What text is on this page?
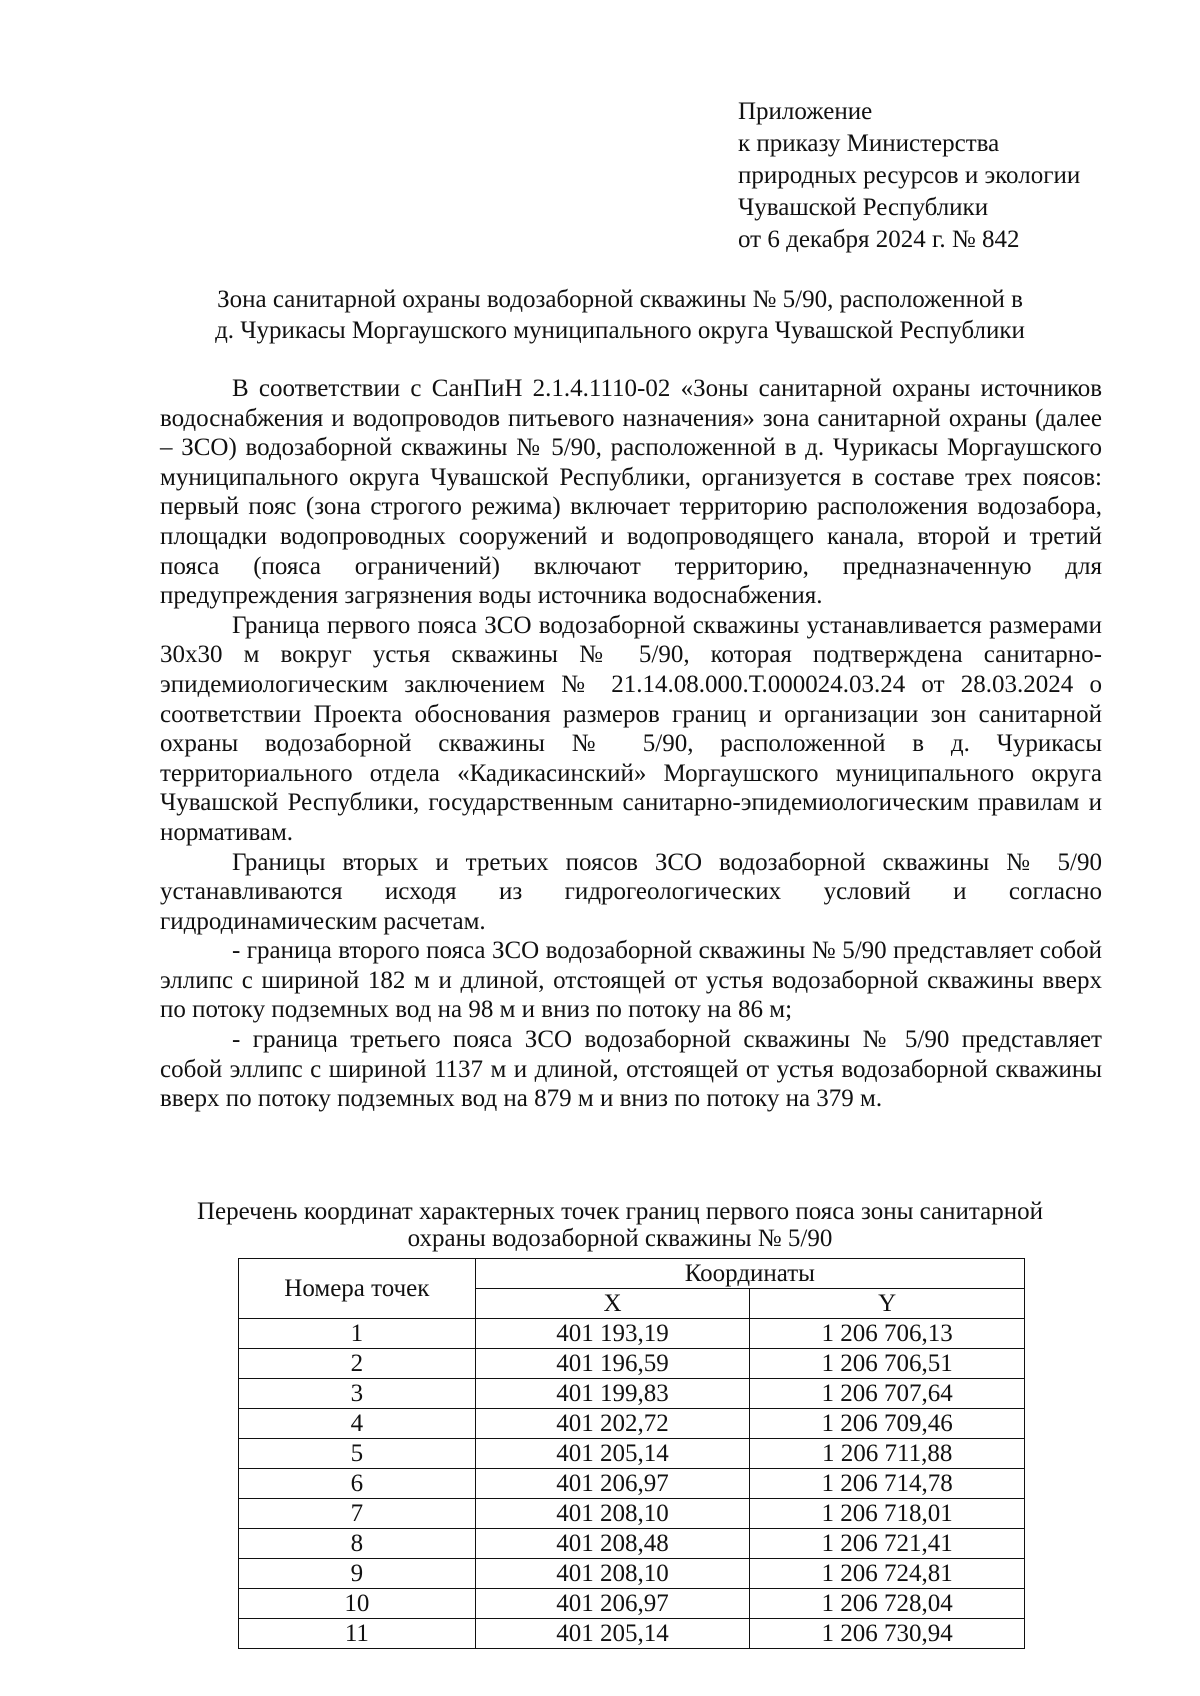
Приложение
к приказу Министерства
природных ресурсов и экологии
Чувашской Республики
от 6 декабря 2024 г. № 842
Зона санитарной охраны водозаборной скважины № 5/90, расположенной в
д. Чурикасы Моргаушского муниципального округа Чувашской Республики

В соответствии с СанПиН 2.1.4.1110-02 «Зоны санитарной охраны источников водоснабжения и водопроводов питьевого назначения» зона санитарной охраны (далее – ЗСО) водозаборной скважины № 5/90, расположенной в д. Чурикасы Моргаушского муниципального округа Чувашской Республики, организуется в составе трех поясов: первый пояс (зона строгого режима) включает территорию расположения водозабора, площадки водопроводных сооружений и водопроводящего канала, второй и третий пояса (пояса ограничений) включают территорию, предназначенную для предупреждения загрязнения воды источника водоснабжения.

Граница первого пояса ЗСО водозаборной скважины устанавливается размерами 30х30 м вокруг устья скважины № 5/90, которая подтверждена санитарно-эпидемиологическим заключением № 21.14.08.000.Т.000024.03.24 от 28.03.2024 о соответствии Проекта обоснования размеров границ и организации зон санитарной охраны водозаборной скважины № 5/90, расположенной в д. Чурикасы территориального отдела «Кадикасинский» Моргаушского муниципального округа Чувашской Республики, государственным санитарно-эпидемиологическим правилам и нормативам.

Границы вторых и третьих поясов ЗСО водозаборной скважины № 5/90 устанавливаются исходя из гидрогеологических условий и согласно гидродинамическим расчетам.

- граница второго пояса ЗСО водозаборной скважины № 5/90 представляет собой эллипс с шириной 182 м и длиной, отстоящей от устья водозаборной скважины вверх по потоку подземных вод на 98 м и вниз по потоку на 86 м;

- граница третьего пояса ЗСО водозаборной скважины № 5/90 представляет собой эллипс с шириной 1137 м и длиной, отстоящей от устья водозаборной скважины вверх по потоку подземных вод на 879 м и вниз по потоку на 379 м.

Перечень координат характерных точек границ первого пояса зоны санитарной
охраны водозаборной скважины № 5/90
Номера точек	Координаты	
	X	Y
1	401 193,19	1 206 706,13
2	401 196,59	1 206 706,51
3	401 199,83	1 206 707,64
4	401 202,72	1 206 709,46
5	401 205,14	1 206 711,88
6	401 206,97	1 206 714,78
7	401 208,10	1 206 718,01
8	401 208,48	1 206 721,41
9	401 208,10	1 206 724,81
10	401 206,97	1 206 728,04
11	401 205,14	1 206 730,94
